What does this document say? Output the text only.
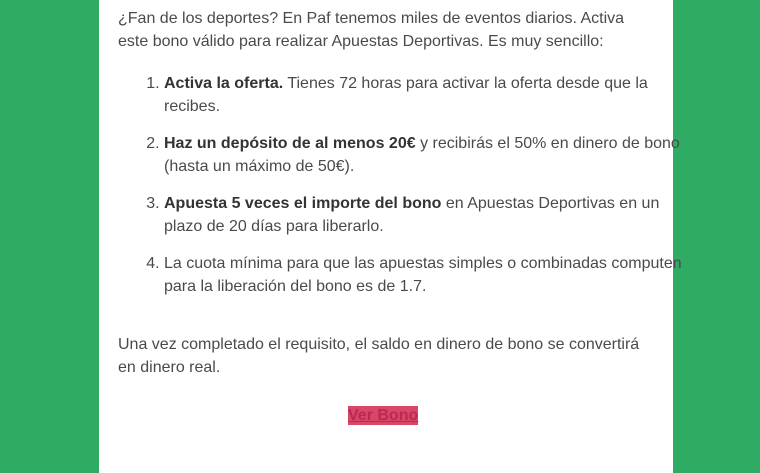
¿Fan de los deportes? En Paf tenemos miles de eventos diarios. Activa este bono válido para realizar Apuestas Deportivas. Es muy sencillo:

1. Activa la oferta. Tienes 72 horas para activar la oferta desde que la recibes.
2. Haz un depósito de al menos 20€ y recibirás el 50% en dinero de bono (hasta un máximo de 50€).
3. Apuesta 5 veces el importe del bono en Apuestas Deportivas en un plazo de 20 días para liberarlo.
4. La cuota mínima para que las apuestas simples o combinadas computen para la liberación del bono es de 1.7.

Una vez completado el requisito, el saldo en dinero de bono se convertirá en dinero real.

Ver Bono
